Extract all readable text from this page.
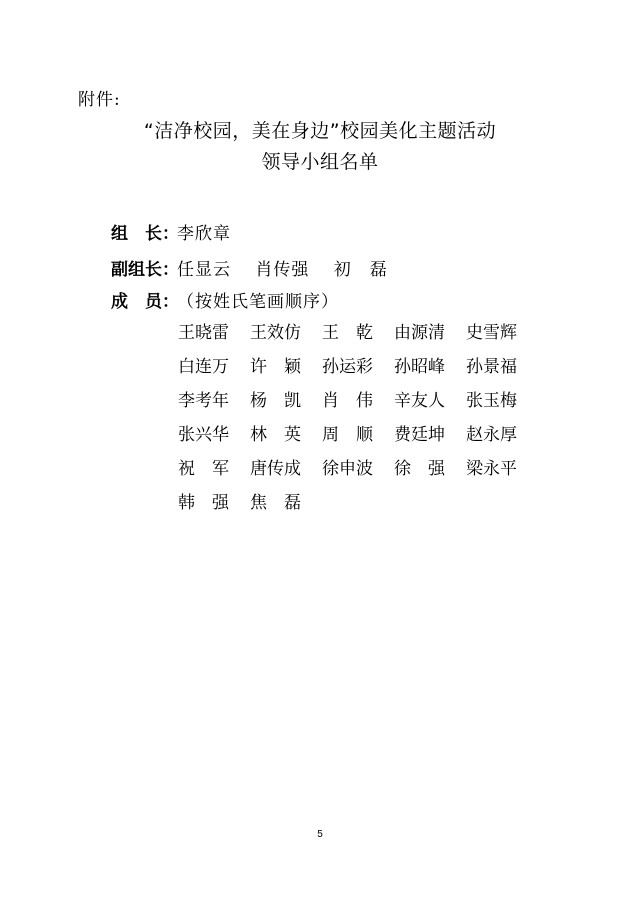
附件:
“洁净校园，美在身边”校园美化主题活动
领导小组名单
组　长：
李欣章
副组长：
任显云　 肖传强　 初　磊
成　员：
（按姓氏笔画顺序）
王晓雷	王效仿	王　乾	由源清	史雪辉
白连万	许　颖	孙运彩	孙昭峰	孙景福
李考年	杨　凯	肖　伟	辛友人	张玉梅
张兴华	林　英	周　顺	费廷坤	赵永厚
祝　军	唐传成	徐申波	徐　强	梁永平
韩　强	焦　磊
5
